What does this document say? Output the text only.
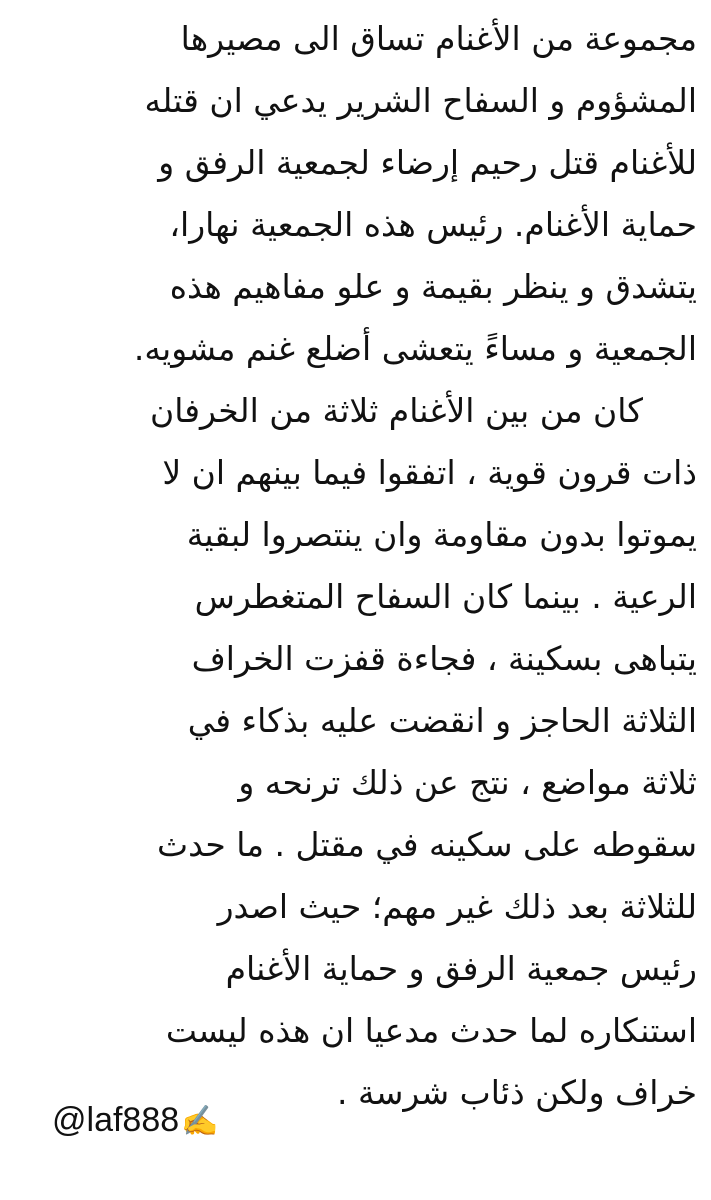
مجموعة من الأغنام تساق الى مصيرها
المشؤوم و السفاح الشرير يدعي ان قتله
للأغنام قتل رحيم إرضاء لجمعية الرفق و
حماية الأغنام. رئيس هذه الجمعية نهارا،
يتشدق و ينظر بقيمة و علو مفاهيم هذه
الجمعية و مساءً يتعشى أضلع غنم مشويه.
كان من بين الأغنام ثلاثة من الخرفان
ذات قرون قوية ، اتفقوا فيما بينهم ان لا
يموتوا بدون مقاومة وان ينتصروا لبقية
الرعية . بينما كان السفاح المتغطرس
يتباهى بسكينة ، فجاءة قفزت الخراف
الثلاثة الحاجز و انقضت عليه بذكاء في
ثلاثة مواضع ، نتج عن ذلك ترنحه و
سقوطه على سكينه في مقتل . ما حدث
للثلاثة بعد ذلك غير مهم؛ حيث اصدر
رئيس جمعية الرفق و حماية الأغنام
استنكاره لما حدث مدعيا ان هذه ليست
خراف ولكن ذئاب شرسة .
@laf888✍
